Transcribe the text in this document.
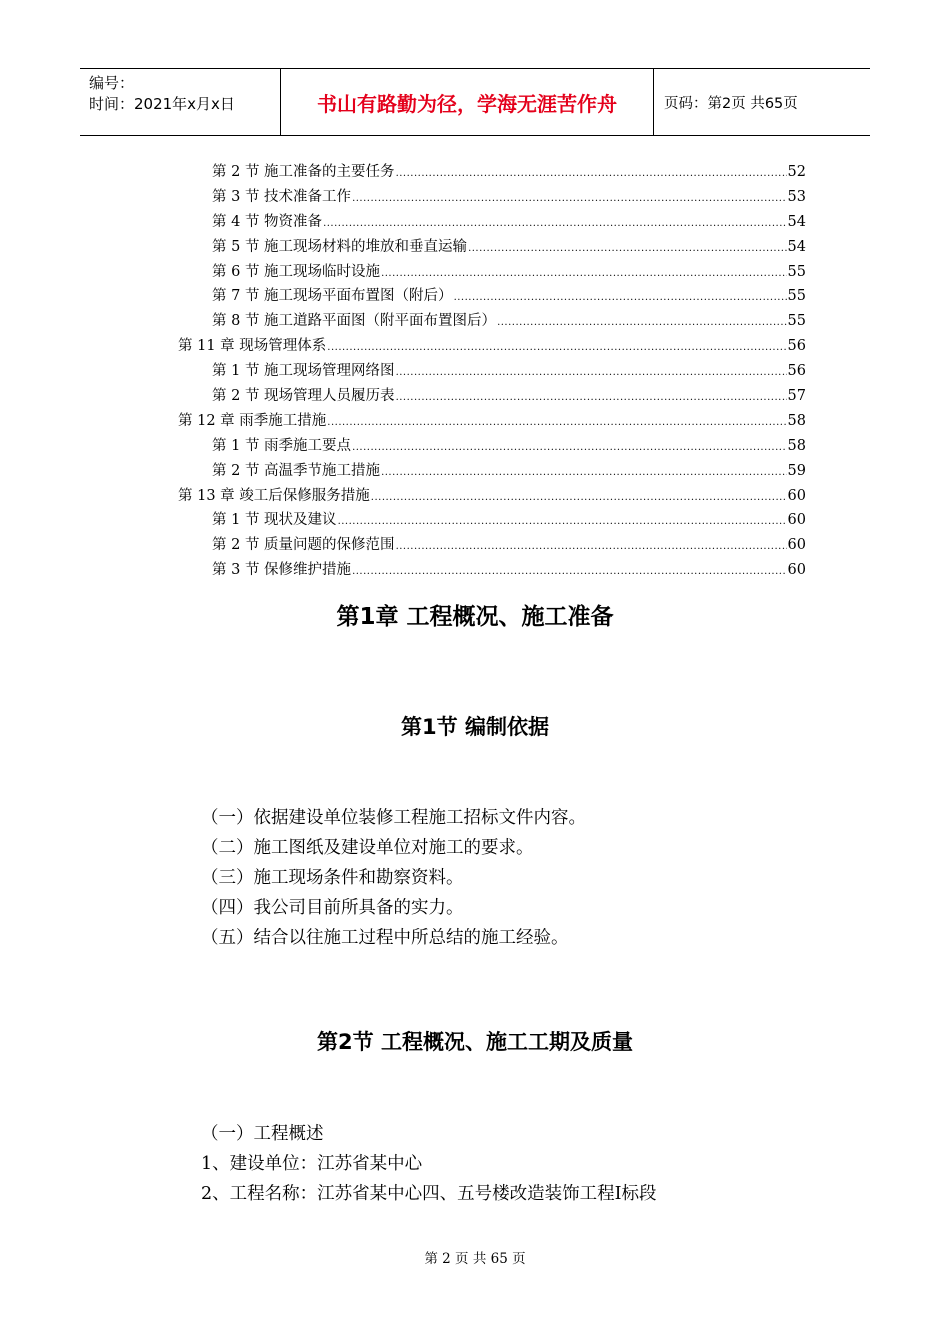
编号：
时间：2021年x月x日	书山有路勤为径，学海无涯苦作舟	页码：第2页 共65页
第 2 节 施工准备的主要任务 .....	52
第 3 节 技术准备工作 .....	53
第 4 节 物资准备 .....	54
第 5 节 施工现场材料的堆放和垂直运输 .....	54
第 6 节 施工现场临时设施 .....	55
第 7 节 施工现场平面布置图（附后） .....	55
第 8 节 施工道路平面图（附平面布置图后） .....	55
第 11 章 现场管理体系 .....	56
第 1 节 施工现场管理网络图 .....	56
第 2 节 现场管理人员履历表 .....	57
第 12 章 雨季施工措施 .....	58
第 1 节 雨季施工要点 .....	58
第 2 节 高温季节施工措施 .....	59
第 13 章 竣工后保修服务措施 .....	60
第 1 节 现状及建议 .....	60
第 2 节 质量问题的保修范围 .....	60
第 3 节 保修维护措施 .....	60
第1章 工程概况、施工准备
第1节 编制依据
（一）依据建设单位装修工程施工招标文件内容。
（二）施工图纸及建设单位对施工的要求。
（三）施工现场条件和勘察资料。
（四）我公司目前所具备的实力。
（五）结合以往施工过程中所总结的施工经验。
第2节 工程概况、施工工期及质量
（一）工程概述
1、建设单位：江苏省某中心
2、工程名称：江苏省某中心四、五号楼改造装饰工程Ⅰ标段
第 2 页 共 65 页
